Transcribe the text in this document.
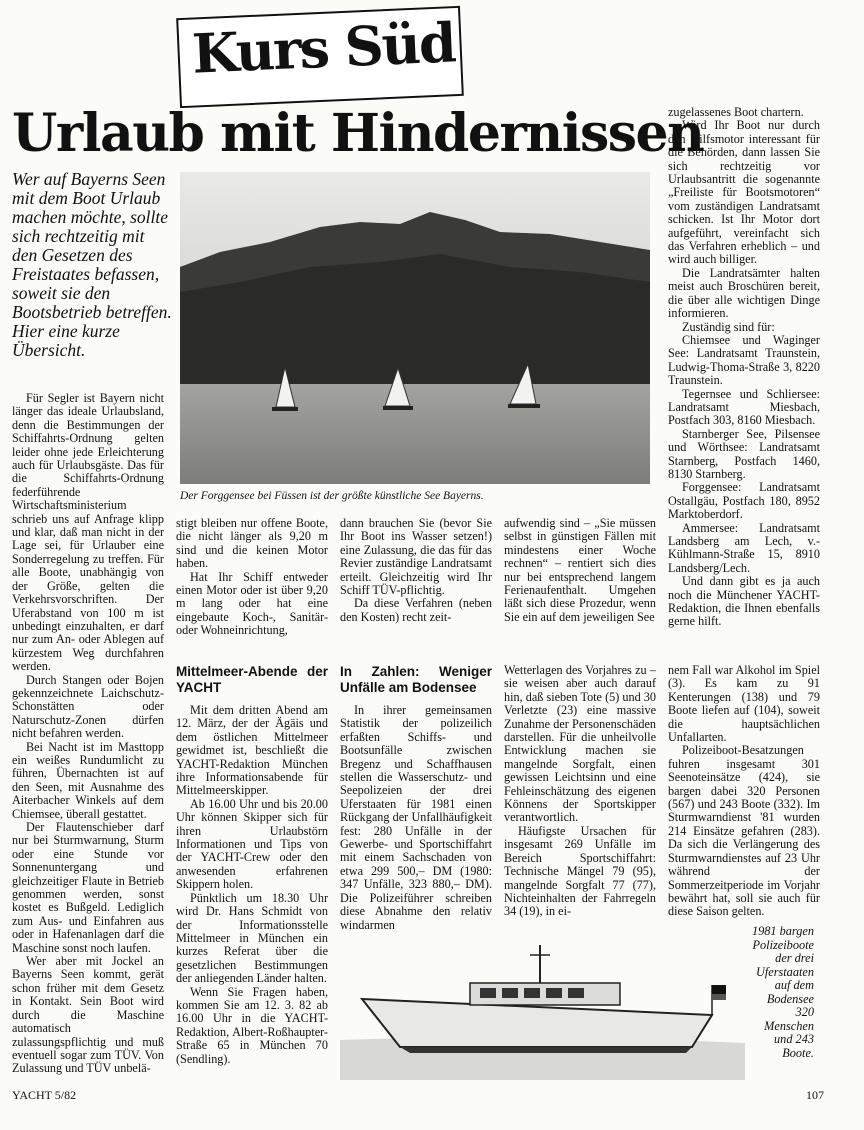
Kurs Süd
Urlaub mit Hindernissen
Wer auf Bayerns Seen mit dem Boot Urlaub machen möchte, sollte sich rechtzeitig mit den Gesetzen des Freistaates befassen, soweit sie den Bootsbetrieb betreffen. Hier eine kurze Übersicht.
Der Forggensee bei Füssen ist der größte künstliche See Bayerns.

Für Segler ist Bayern nicht länger das ideale Urlaubsland, denn die Bestimmungen der Schiffahrts-Ordnung gelten leider ohne jede Erleichterung auch für Urlaubsgäste. Das für die Schiffahrts-Ordnung federführende Wirtschaftsministerium schrieb uns auf Anfrage klipp und klar, daß man nicht in der Lage sei, für Urlauber eine Sonderregelung zu treffen. Für alle Boote, unabhängig von der Größe, gelten die Verkehrsvorschriften. Der Uferabstand von 100 m ist unbedingt einzuhalten, er darf nur zum An- oder Ablegen auf kürzestem Weg durchfahren werden.

Durch Stangen oder Bojen gekennzeichnete Laichschutz-Schonstätten oder Naturschutz-Zonen dürfen nicht befahren werden.

Bei Nacht ist im Masttopp ein weißes Rundumlicht zu führen, Übernachten ist auf den Seen, mit Ausnahme des Aiterbacher Winkels auf dem Chiemsee, überall gestattet.

Der Flautenschieber darf nur bei Sturmwarnung, Sturm oder eine Stunde vor Sonnenuntergang und gleichzeitiger Flaute in Betrieb genommen werden, sonst kostet es Bußgeld. Lediglich zum Aus- und Einfahren aus oder in Hafenanlagen darf die Maschine sonst noch laufen.

Wer aber mit Jockel an Bayerns Seen kommt, gerät schon früher mit dem Gesetz in Kontakt. Sein Boot wird durch die Maschine automatisch zulassungspflichtig und muß eventuell sogar zum TÜV. Von Zulassung und TÜV unbelä-

stigt bleiben nur offene Boote, die nicht länger als 9,20 m sind und die keinen Motor haben.

Hat Ihr Schiff entweder einen Motor oder ist über 9,20 m lang oder hat eine eingebaute Koch-, Sanitär- oder Wohneinrichtung,

dann brauchen Sie (bevor Sie Ihr Boot ins Wasser setzen!) eine Zulassung, die das für das Revier zuständige Landratsamt erteilt. Gleichzeitig wird Ihr Schiff TÜV-pflichtig.

Da diese Verfahren (neben den Kosten) recht zeit-

aufwendig sind – „Sie müssen selbst in günstigen Fällen mit mindestens einer Woche rechnen“ – rentiert sich dies nur bei entsprechend langem Ferienaufenthalt. Umgehen läßt sich diese Prozedur, wenn Sie ein auf dem jeweiligen See

zugelassenes Boot chartern.

Wird Ihr Boot nur durch den Hilfsmotor interessant für die Behörden, dann lassen Sie sich rechtzeitig vor Urlaubsantritt die sogenannte „Freiliste für Bootsmotoren“ vom zuständigen Landratsamt schicken. Ist Ihr Motor dort aufgeführt, vereinfacht sich das Verfahren erheblich – und wird auch billiger.

Die Landratsämter halten meist auch Broschüren bereit, die über alle wichtigen Dinge informieren.

Zuständig sind für:

Chiemsee und Waginger See: Landratsamt Traunstein, Ludwig-Thoma-Straße 3, 8220 Traunstein.

Tegernsee und Schliersee: Landratsamt Miesbach, Postfach 303, 8160 Miesbach.

Starnberger See, Pilsensee und Wörthsee: Landratsamt Starnberg, Postfach 1460, 8130 Starnberg.

Forggensee: Landratsamt Ostallgäu, Postfach 180, 8952 Marktoberdorf.

Ammersee: Landratsamt Landsberg am Lech, v.-Kühlmann-Straße 15, 8910 Landsberg/Lech.

Und dann gibt es ja auch noch die Münchener YACHT-Redaktion, die Ihnen ebenfalls gerne hilft.

Mittelmeer-Abende der YACHT

Mit dem dritten Abend am 12. März, der der Ägäis und dem östlichen Mittelmeer gewidmet ist, beschließt die YACHT-Redaktion München ihre Informationsabende für Mittelmeerskipper.

Ab 16.00 Uhr und bis 20.00 Uhr können Skipper sich für ihren Urlaubstörn Informationen und Tips von der YACHT-Crew oder den anwesenden erfahrenen Skippern holen.

Pünktlich um 18.30 Uhr wird Dr. Hans Schmidt von der Informationsstelle Mittelmeer in München ein kurzes Referat über die gesetzlichen Bestimmungen der anliegenden Länder halten.

Wenn Sie Fragen haben, kommen Sie am 12. 3. 82 ab 16.00 Uhr in die YACHT-Redaktion, Albert-Roßhaupter-Straße 65 in München 70 (Sendling).

In Zahlen: Weniger Unfälle am Bodensee

In ihrer gemeinsamen Statistik der polizeilich erfaßten Schiffs- und Bootsunfälle zwischen Bregenz und Schaffhausen stellen die Wasserschutz- und Seepolizeien der drei Uferstaaten für 1981 einen Rückgang der Unfallhäufigkeit fest: 280 Unfälle in der Gewerbe- und Sportschiffahrt mit einem Sachschaden von etwa 299 500,– DM (1980: 347 Unfälle, 323 880,– DM). Die Polizeiführer schreiben diese Abnahme den relativ windarmen

Wetterlagen des Vorjahres zu – sie weisen aber auch darauf hin, daß sieben Tote (5) und 30 Verletzte (23) eine massive Zunahme der Personenschäden darstellen. Für die unheilvolle Entwicklung machen sie mangelnde Sorgfalt, einen gewissen Leichtsinn und eine Fehleinschätzung des eigenen Könnens der Sportskipper verantwortlich.

Häufigste Ursachen für insgesamt 269 Unfälle im Bereich Sportschiffahrt: Technische Mängel 79 (95), mangelnde Sorgfalt 77 (77), Nichteinhalten der Fahrregeln 34 (19), in ei-

nem Fall war Alkohol im Spiel (3). Es kam zu 91 Kenterungen (138) und 79 Boote liefen auf (104), soweit die hauptsächlichen Unfallarten.

Polizeiboot-Besatzungen fuhren insgesamt 301 Seenoteinsätze (424), sie bargen dabei 320 Personen (567) und 243 Boote (332). Im Sturmwarndienst '81 wurden 214 Einsätze gefahren (283). Da sich die Verlängerung des Sturmwarndienstes auf 23 Uhr während der Sommerzeitperiode im Vorjahr bewährt hat, soll sie auch für diese Saison gelten.

1981 bargen Polizeiboote der drei Uferstaaten auf dem Bodensee 320 Menschen und 243 Boote.
YACHT 5/82	107
